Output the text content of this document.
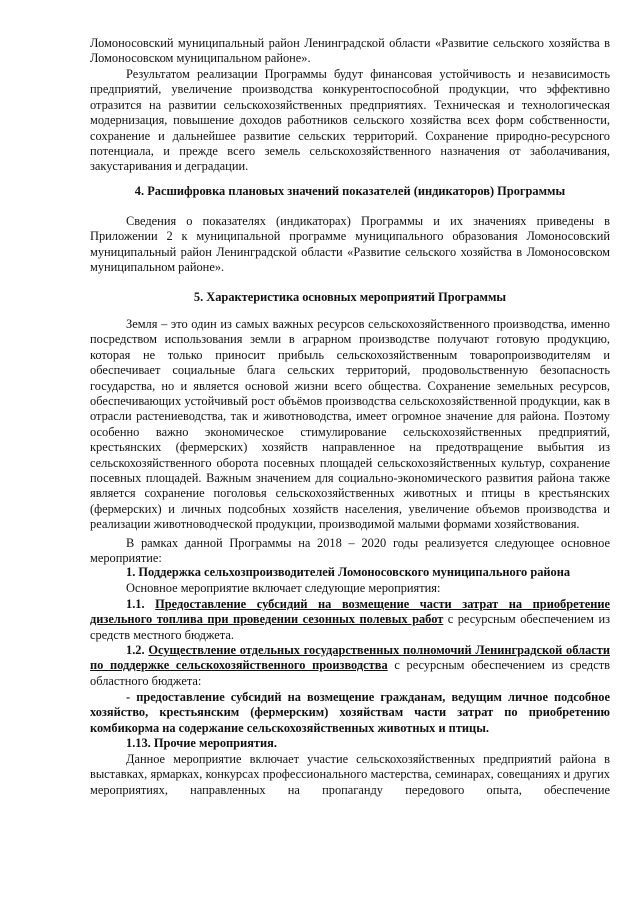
Ломоносовский муниципальный район Ленинградской области «Развитие сельского хозяйства в Ломоносовском муниципальном районе».

Результатом реализации Программы будут финансовая устойчивость и независимость предприятий, увеличение производства конкурентоспособной продукции, что эффективно отразится на развитии сельскохозяйственных предприятиях. Техническая и технологическая модернизация, повышение доходов работников сельского хозяйства всех форм собственности, сохранение и дальнейшее развитие сельских территорий. Сохранение природно-ресурсного потенциала, и прежде всего земель сельскохозяйственного назначения от заболачивания, закустаривания и деградации.

4. Расшифровка плановых значений показателей (индикаторов) Программы

Сведения о показателях (индикаторах) Программы и их значениях приведены в Приложении 2 к муниципальной программе муниципального образования Ломоносовский муниципальный район Ленинградской области «Развитие сельского хозяйства в Ломоносовском муниципальном районе».

5. Характеристика основных мероприятий Программы

Земля – это один из самых важных ресурсов сельскохозяйственного производства, именно посредством использования земли в аграрном производстве получают готовую продукцию, которая не только приносит прибыль сельскохозяйственным товаропроизводителям и обеспечивает социальные блага сельских территорий, продовольственную безопасность государства, но и является основой жизни всего общества. Сохранение земельных ресурсов, обеспечивающих устойчивый рост объёмов производства сельскохозяйственной продукции, как в отрасли растениеводства, так и животноводства, имеет огромное значение для района. Поэтому особенно важно экономическое стимулирование сельскохозяйственных предприятий, крестьянских (фермерских) хозяйств направленное на предотвращение выбытия из сельскохозяйственного оборота посевных площадей сельскохозяйственных культур, сохранение посевных площадей. Важным значением для социально-экономического развития района также является сохранение поголовья сельскохозяйственных животных и птицы в крестьянских (фермерских) и личных подсобных хозяйств населения, увеличение объемов производства и реализации животноводческой продукции, производимой малыми формами хозяйствования.

В рамках данной Программы на 2018 – 2020 годы реализуется следующее основное мероприятие:

1. Поддержка сельхозпроизводителей Ломоносовского муниципального района

Основное мероприятие включает следующие мероприятия:

1.1. Предоставление субсидий на возмещение части затрат на приобретение дизельного топлива при проведении сезонных полевых работ с ресурсным обеспечением из средств местного бюджета.

1.2. Осуществление отдельных государственных полномочий Ленинградской области по поддержке сельскохозяйственного производства с ресурсным обеспечением из средств областного бюджета:

- предоставление субсидий на возмещение гражданам, ведущим личное подсобное хозяйство, крестьянским (фермерским) хозяйствам части затрат по приобретению комбикорма на содержание сельскохозяйственных животных и птицы.

1.13. Прочие мероприятия.

Данное мероприятие включает участие сельскохозяйственных предприятий района в выставках, ярмарках, конкурсах профессионального мастерства, семинарах, совещаниях и других мероприятиях, направленных на пропаганду передового опыта, обеспечение
